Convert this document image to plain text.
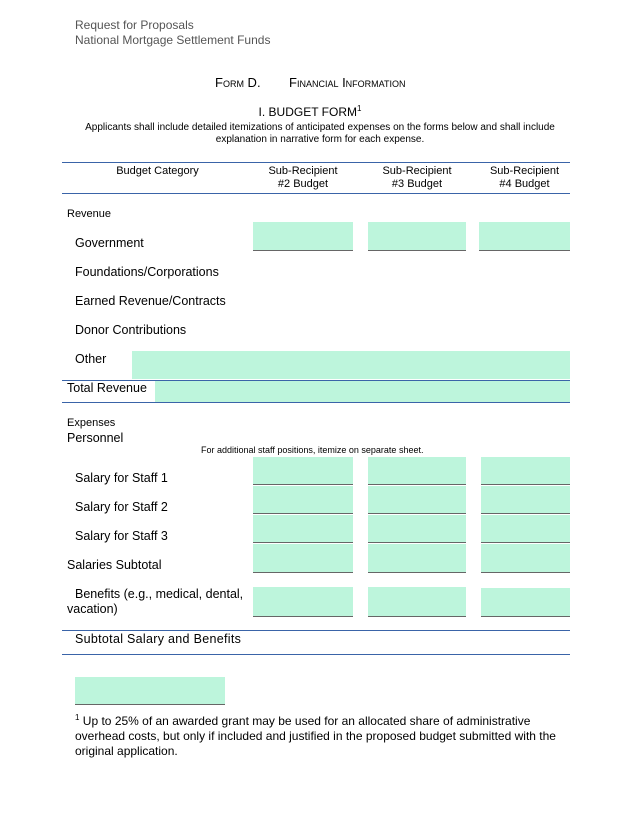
Request for Proposals
National Mortgage Settlement Funds
Form D. Financial Information
I. BUDGET FORM$^1$
Applicants shall include detailed itemizations of anticipated expenses on the forms below and shall include explanation in narrative form for each expense.
Budget Category	Sub-Recipient
#2 Budget
Sub-Recipient
#3 Budget
Sub-Recipient
#4 Budget
Revenue
Government
Foundations/Corporations
Earned Revenue/Contracts
Donor Contributions
Other
Total Revenue
Expenses
Personnel
For additional staff positions, itemize on separate sheet.
Salary for Staff 1
Salary for Staff 2
Salary for Staff 3
Salaries Subtotal
Benefits (e.g., medical, dental, vacation)
Subtotal Salary and Benefits
$^1$ Up to 25% of an awarded grant may be used for an allocated share of administrative overhead costs, but only if included and justified in the proposed budget submitted with the original application.
